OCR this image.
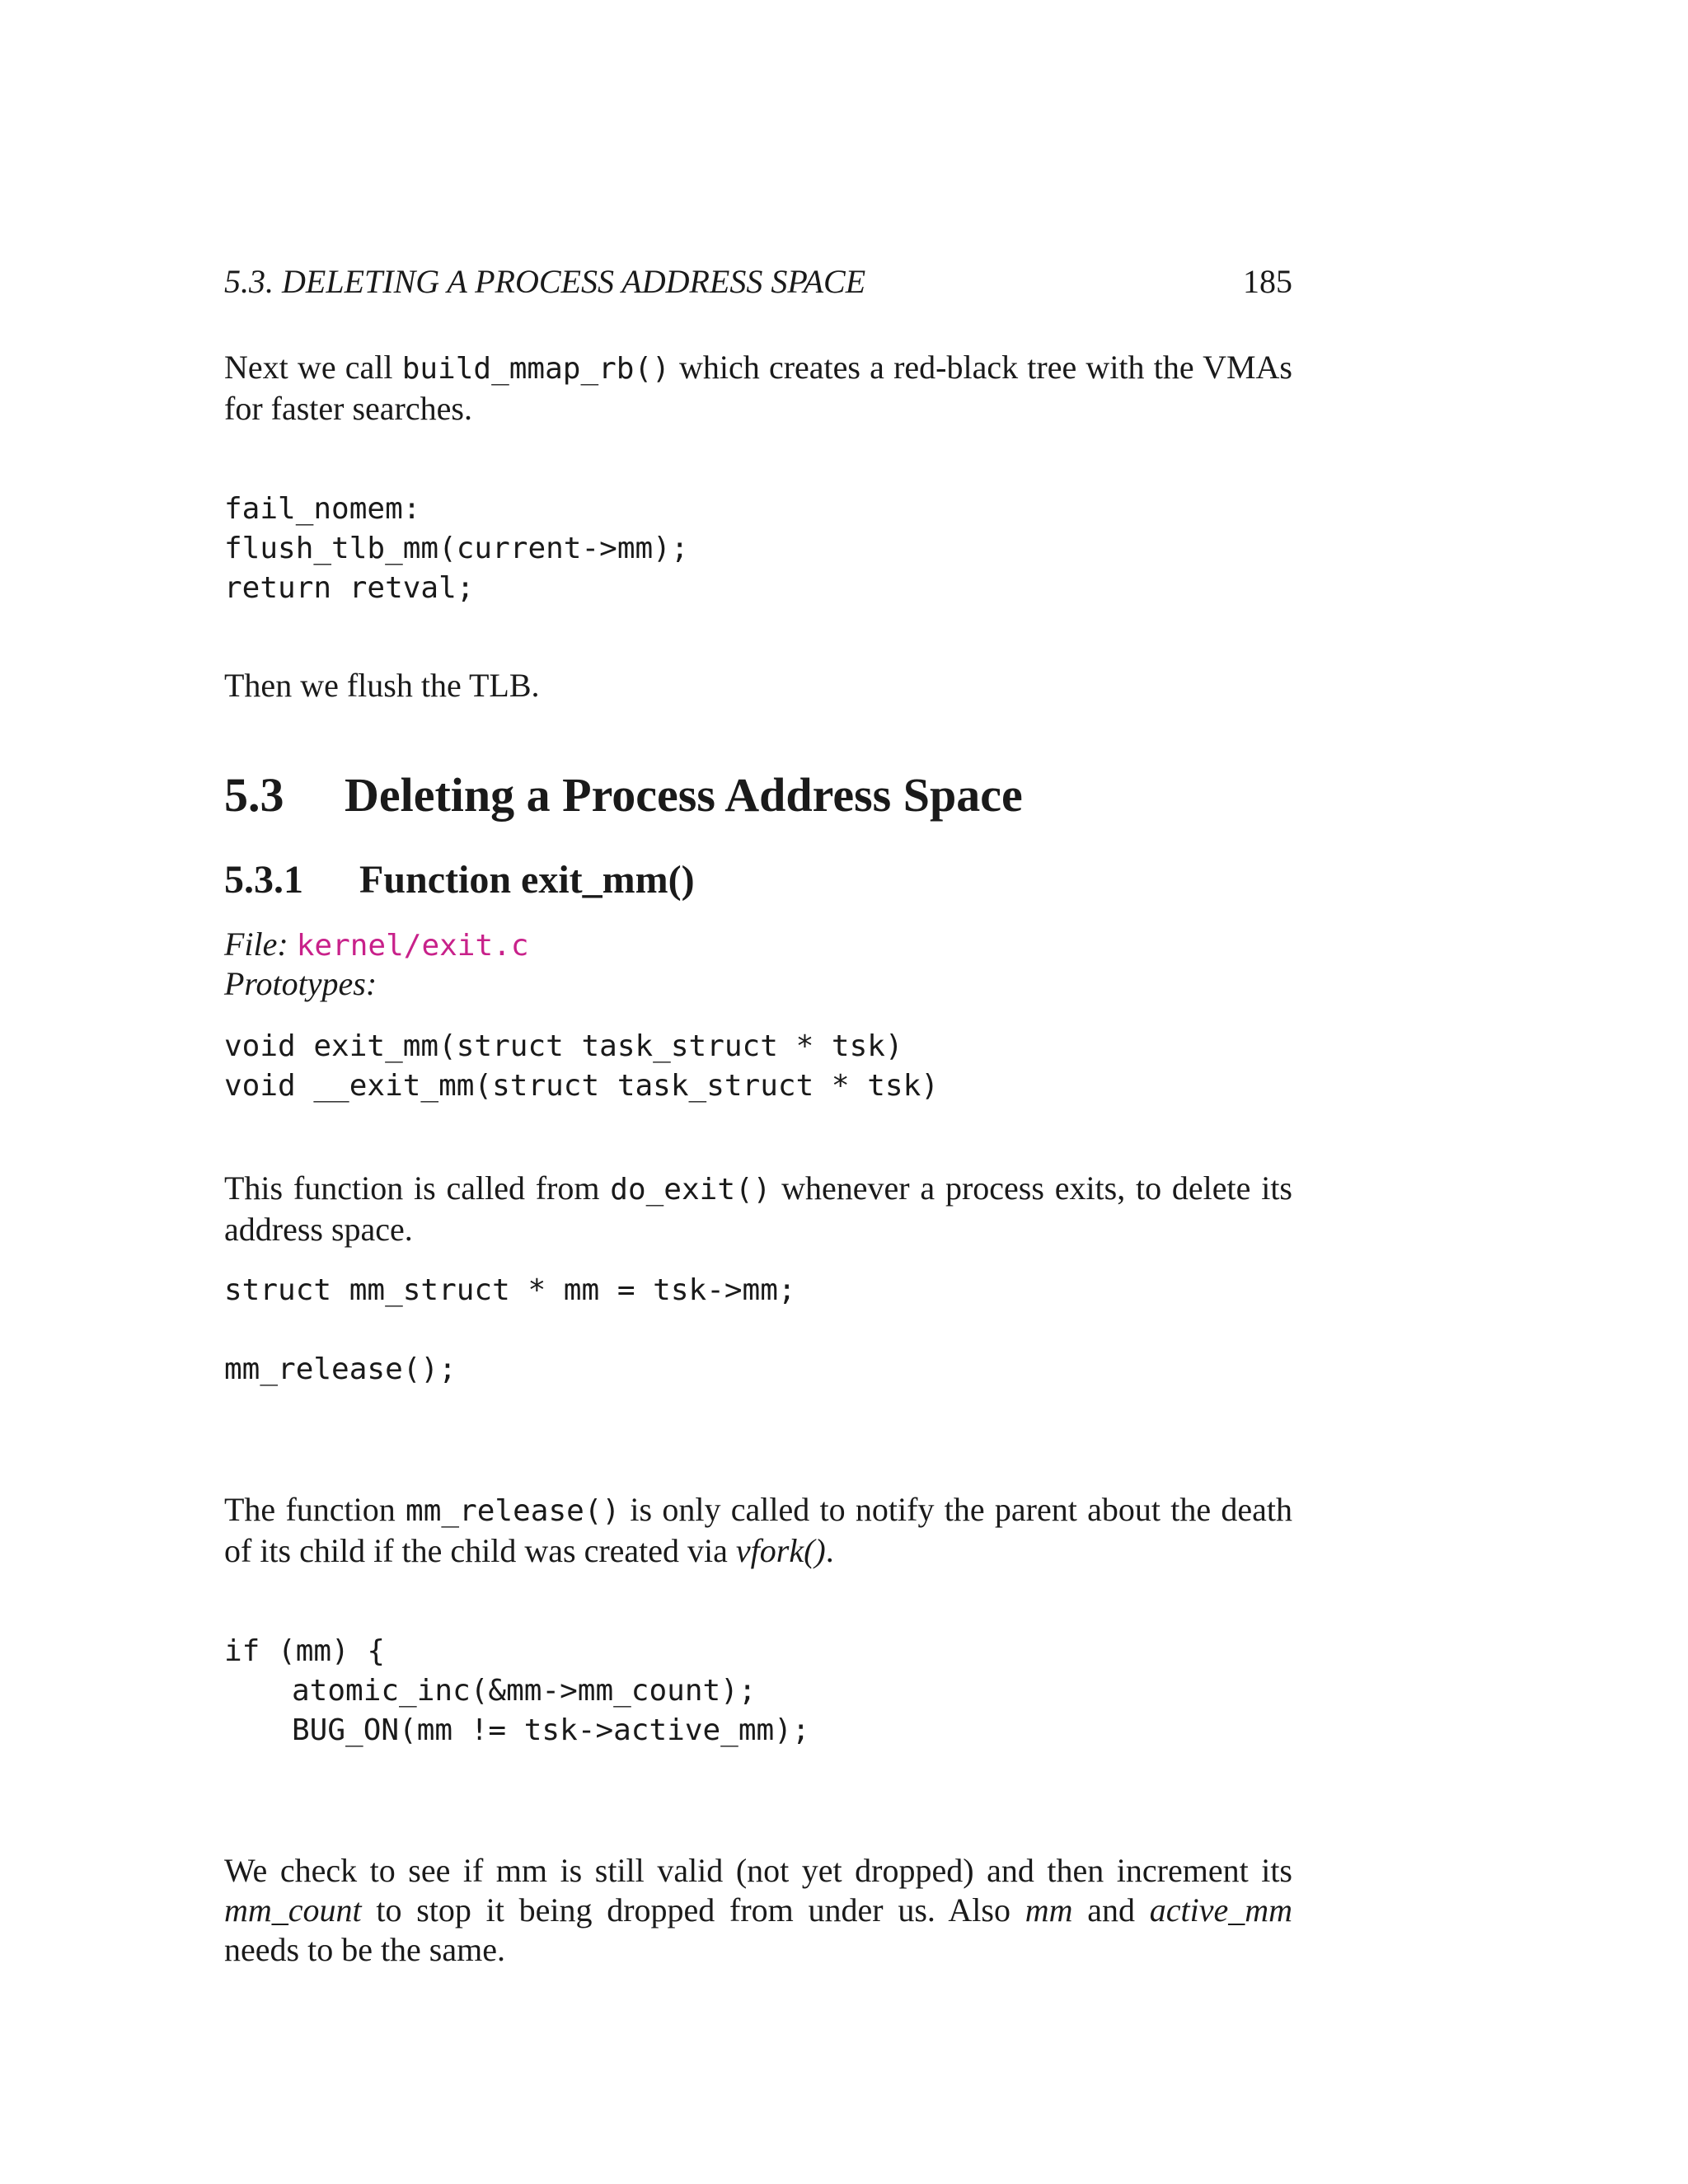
5.3. DELETING A PROCESS ADDRESS SPACE	185
Next we call build_mmap_rb() which creates a red-black tree with the VMAs for faster searches.
fail_nomem:
flush_tlb_mm(current->mm);
return retval;
Then we flush the TLB.
5.3 Deleting a Process Address Space
5.3.1 Function exit_mm()
File: kernel/exit.c
Prototypes:
void exit_mm(struct task_struct * tsk)
void __exit_mm(struct task_struct * tsk)
This function is called from do_exit() whenever a process exits, to delete its address space.
struct mm_struct * mm = tsk->mm;
mm_release();
The function mm_release() is only called to notify the parent about the death of its child if the child was created via vfork().
if (mm) {
atomic_inc(&mm->mm_count);
BUG_ON(mm != tsk->active_mm);
We check to see if mm is still valid (not yet dropped) and then increment its mm_count to stop it being dropped from under us. Also mm and active_mm needs to be the same.
